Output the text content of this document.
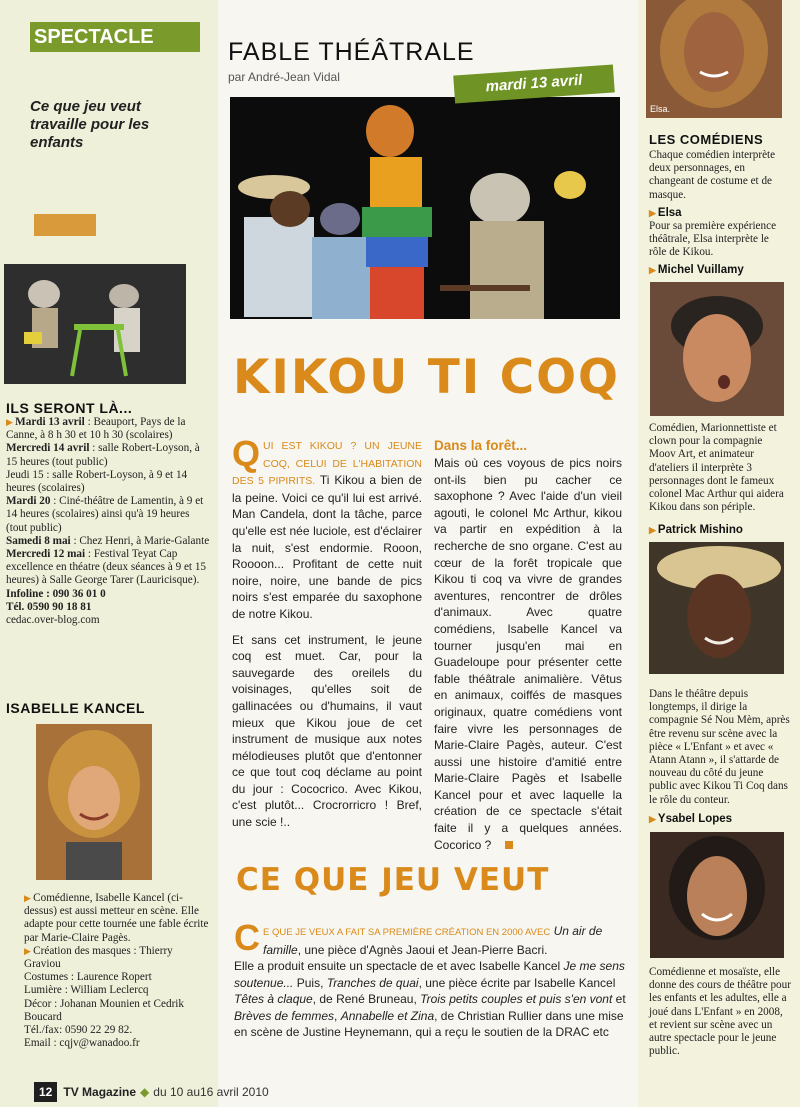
SPECTACLE
Ce que jeu veut travaille pour les enfants
ILS SERONT LÀ...
▶ Mardi 13 avril : Beauport, Pays de la Canne, à 8 h 30 et 10 h 30 (scolaires)
Mercredi 14 avril : salle Robert-Loyson, à 15 heures (tout public)
Jeudi 15 : salle Robert-Loyson, à 9 et 14 heures (scolaires)
Mardi 20 : Ciné-théâtre de Lamentin, à 9 et 14 heures (scolaires) ainsi qu'à 19 heures (tout public)
Samedi 8 mai : Chez Henri, à Marie-Galante
Mercredi 12 mai : Festival Teyat Cap excellence en théatre (deux séances à 9 et 15 heures) à Salle George Tarer (Lauricisque).
Infoline : 090 36 01 0
Tél. 0590 90 18 81
cedac.over-blog.com
ISABELLE KANCEL
▶ Comédienne, Isabelle Kancel (ci-dessus) est aussi metteur en scène. Elle adapte pour cette tournée une fable écrite par Marie-Claire Pagès.
▶ Création des masques : Thierry Graviou
Costumes : Laurence Ropert
Lumière : William Leclercq
Décor : Johanan Mounien et Cedrik Boucard
Tél./fax: 0590 22 29 82.
Email : cqjv@wanadoo.fr
FABLE THÉÂTRALE
par André-Jean Vidal	mardi 13 avril
KIKOU TI COQ
QUI EST KIKOU ? UN JEUNE COQ, CELUI DE L'HABITATION DES 5 PIPIRITS. Ti Kikou a bien de la peine. Voici ce qu'il lui est arrivé. Man Candela, dont la tâche, parce qu'elle est née luciole, est d'éclairer la nuit, s'est endormie. Rooon, Roooon... Profitant de cette nuit noire, noire, une bande de pics noirs s'est emparée du saxophone de notre Kikou.
Et sans cet instrument, le jeune coq est muet. Car, pour la sauvegarde des oreilels du voisinages, qu'elles soit de gallinacées ou d'humains, il vaut mieux que Kikou joue de cet instrument de musique aux notes mélodieuses plutôt que d'entonner ce que tout coq déclame au point du jour : Cococrico. Avec Kikou, c'est plutôt... Crocrorricro ! Bref, une scie !..
Dans la forêt...
Mais où ces voyous de pics noirs ont-ils bien pu cacher ce saxophone ? Avec l'aide d'un vieil agouti, le colonel Mc Arthur, kikou va partir en expédition à la recherche de sno organe. C'est au cœur de la forêt tropicale que Kikou ti coq va vivre de grandes aventures, rencontrer de drôles d'animaux. Avec quatre comédiens, Isabelle Kancel va tourner jusqu'en mai en Guadeloupe pour présenter cette fable théâtrale animalière. Vêtus en animaux, coiffés de masques originaux, quatre comédiens vont faire vivre les personnages de Marie-Claire Pagès, auteur. C'est aussi une histoire d'amitié entre Marie-Claire Pagès et Isabelle Kancel pour et avec laquelle la création de ce spectacle s'était faite il y a quelques années. Cocorico ?
CE QUE JEU VEUT
CE QUE JE VEUX A FAIT SA PREMIÈRE CRÉATION EN 2000 AVEC Un air de famille, une pièce d'Agnès Jaoui et Jean-Pierre Bacri.
Elle a produit ensuite un spectacle de et avec Isabelle Kancel Je me sens soutenue... Puis, Tranches de quai, une pièce écrite par Isabelle Kancel Têtes à claque, de René Bruneau, Trois petits couples et puis s'en vont et Brèves de femmes, Annabelle et Zina, de Christian Rullier dans une mise en scène de Justine Heynemann, qui a reçu le soutien de la DRAC etc
12 TV Magazine ◆ du 10 au16 avril 2010
Elsa.
LES COMÉDIENS
Chaque comédien interprète deux personnages, en changeant de costume et de masque.
▶ Elsa
Pour sa première expérience théâtrale, Elsa interprète le rôle de Kikou.
▶ Michel Vuillamy
Comédien, Marionnettiste et clown pour la compagnie Moov Art, et animateur d'ateliers il interprète 3 personnages dont le fameux colonel Mac Arthur qui aidera Kikou dans son périple.
▶ Patrick Mishino
Dans le théâtre depuis longtemps, il dirige la compagnie Sé Nou Mèm, après être revenu sur scène avec la pièce « L'Enfant » et avec « Atann Atann », il s'attarde de nouveau du côté du jeune public avec Kikou Ti Coq dans le rôle du conteur.
▶ Ysabel Lopes
Comédienne et mosaïste, elle donne des cours de théâtre pour les enfants et les adultes, elle a joué dans L'Enfant » en 2008, et revient sur scène avec un autre spectacle pour le jeune public.
